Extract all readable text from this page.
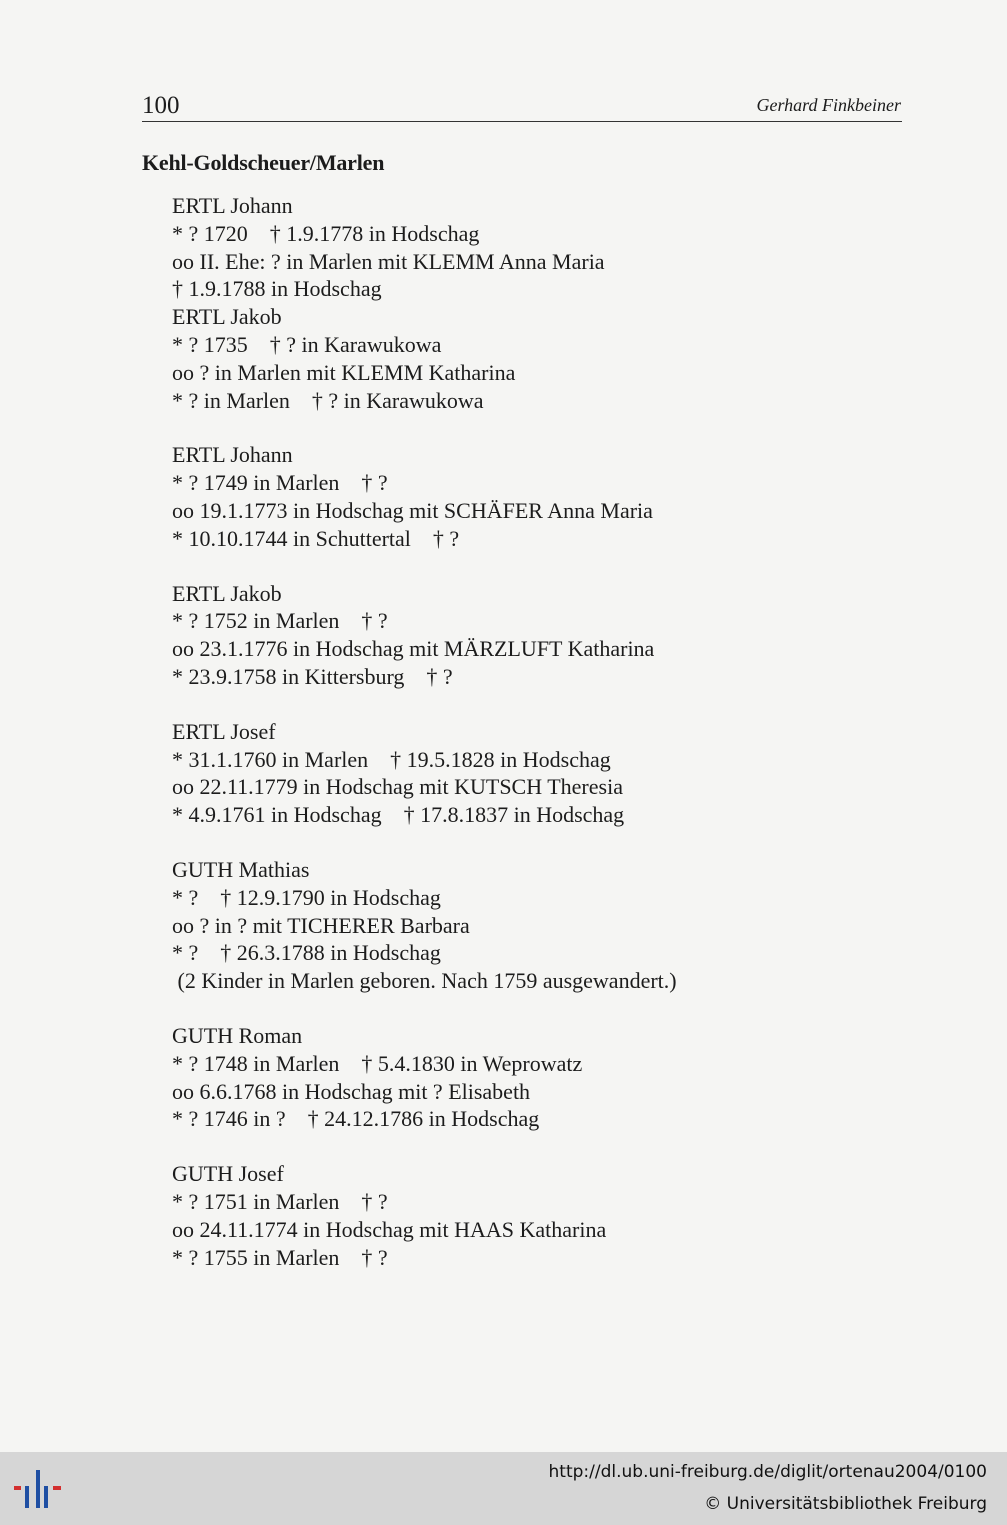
100	Gerhard Finkbeiner
Kehl-Goldscheuer/Marlen
ERTL Johann
* ? 1720    † 1.9.1778 in Hodschag
oo II. Ehe: ? in Marlen mit KLEMM Anna Maria
† 1.9.1788 in Hodschag
ERTL Jakob
* ? 1735    † ? in Karawukowa
oo ? in Marlen mit KLEMM Katharina
* ? in Marlen    † ? in Karawukowa
ERTL Johann
* ? 1749 in Marlen    † ?
oo 19.1.1773 in Hodschag mit SCHÄFER Anna Maria
* 10.10.1744 in Schuttertal    † ?
ERTL Jakob
* ? 1752 in Marlen    † ?
oo 23.1.1776 in Hodschag mit MÄRZLUFT Katharina
* 23.9.1758 in Kittersburg    † ?
ERTL Josef
* 31.1.1760 in Marlen    † 19.5.1828 in Hodschag
oo 22.11.1779 in Hodschag mit KUTSCH Theresia
* 4.9.1761 in Hodschag    † 17.8.1837 in Hodschag
GUTH Mathias
* ?    † 12.9.1790 in Hodschag
oo ? in ? mit TICHERER Barbara
* ?    † 26.3.1788 in Hodschag
(2 Kinder in Marlen geboren. Nach 1759 ausgewandert.)
GUTH Roman
* ? 1748 in Marlen    † 5.4.1830 in Weprowatz
oo 6.6.1768 in Hodschag mit ? Elisabeth
* ? 1746 in ?    † 24.12.1786 in Hodschag
GUTH Josef
* ? 1751 in Marlen    † ?
oo 24.11.1774 in Hodschag mit HAAS Katharina
* ? 1755 in Marlen    † ?
http://dl.ub.uni-freiburg.de/diglit/ortenau2004/0100
© Universitätsbibliothek Freiburg
